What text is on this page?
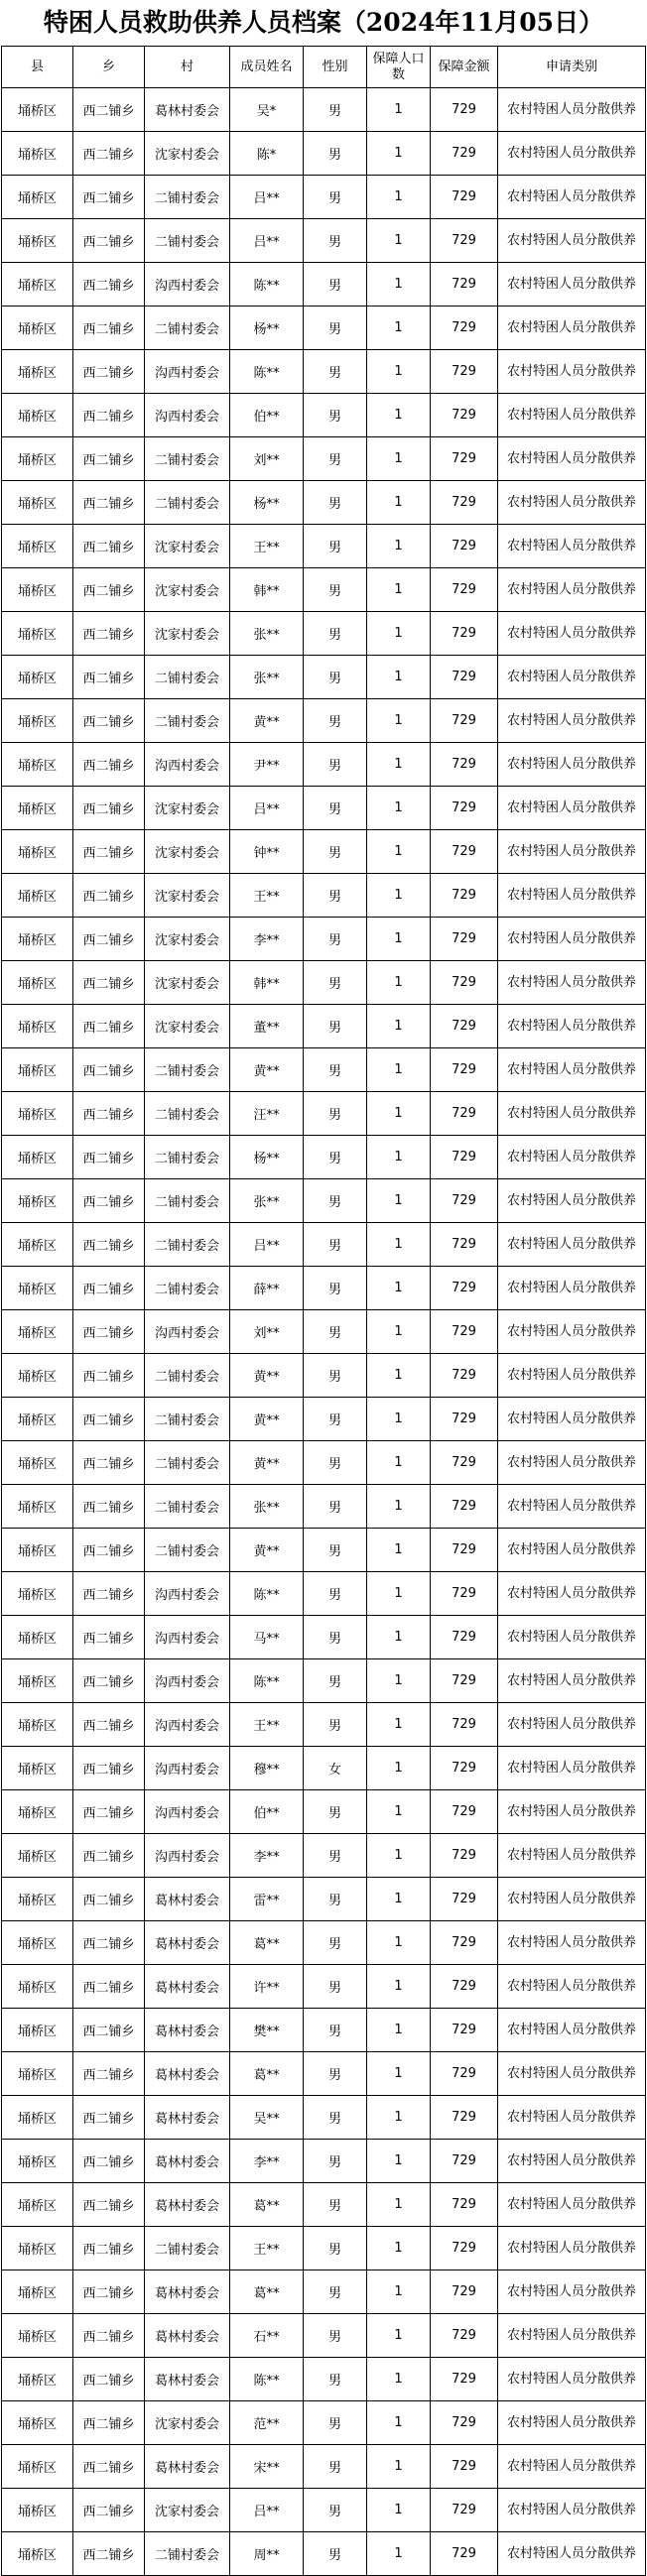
特困人员救助供养人员档案（2024年11月05日）
县	乡	村	成员姓名	性别	保障人口数	保障金额	申请类别
埇桥区	西二铺乡	葛林村委会	吴*	男	1	729	农村特困人员分散供养
埇桥区	西二铺乡	沈家村委会	陈*	男	1	729	农村特困人员分散供养
埇桥区	西二铺乡	二铺村委会	吕**	男	1	729	农村特困人员分散供养
埇桥区	西二铺乡	二铺村委会	吕**	男	1	729	农村特困人员分散供养
埇桥区	西二铺乡	沟西村委会	陈**	男	1	729	农村特困人员分散供养
埇桥区	西二铺乡	二铺村委会	杨**	男	1	729	农村特困人员分散供养
埇桥区	西二铺乡	沟西村委会	陈**	男	1	729	农村特困人员分散供养
埇桥区	西二铺乡	沟西村委会	伯**	男	1	729	农村特困人员分散供养
埇桥区	西二铺乡	二铺村委会	刘**	男	1	729	农村特困人员分散供养
埇桥区	西二铺乡	二铺村委会	杨**	男	1	729	农村特困人员分散供养
埇桥区	西二铺乡	沈家村委会	王**	男	1	729	农村特困人员分散供养
埇桥区	西二铺乡	沈家村委会	韩**	男	1	729	农村特困人员分散供养
埇桥区	西二铺乡	沈家村委会	张**	男	1	729	农村特困人员分散供养
埇桥区	西二铺乡	二铺村委会	张**	男	1	729	农村特困人员分散供养
埇桥区	西二铺乡	二铺村委会	黄**	男	1	729	农村特困人员分散供养
埇桥区	西二铺乡	沟西村委会	尹**	男	1	729	农村特困人员分散供养
埇桥区	西二铺乡	沈家村委会	吕**	男	1	729	农村特困人员分散供养
埇桥区	西二铺乡	沈家村委会	钟**	男	1	729	农村特困人员分散供养
埇桥区	西二铺乡	沈家村委会	王**	男	1	729	农村特困人员分散供养
埇桥区	西二铺乡	沈家村委会	李**	男	1	729	农村特困人员分散供养
埇桥区	西二铺乡	沈家村委会	韩**	男	1	729	农村特困人员分散供养
埇桥区	西二铺乡	沈家村委会	董**	男	1	729	农村特困人员分散供养
埇桥区	西二铺乡	二铺村委会	黄**	男	1	729	农村特困人员分散供养
埇桥区	西二铺乡	二铺村委会	汪**	男	1	729	农村特困人员分散供养
埇桥区	西二铺乡	二铺村委会	杨**	男	1	729	农村特困人员分散供养
埇桥区	西二铺乡	二铺村委会	张**	男	1	729	农村特困人员分散供养
埇桥区	西二铺乡	二铺村委会	吕**	男	1	729	农村特困人员分散供养
埇桥区	西二铺乡	二铺村委会	薛**	男	1	729	农村特困人员分散供养
埇桥区	西二铺乡	沟西村委会	刘**	男	1	729	农村特困人员分散供养
埇桥区	西二铺乡	二铺村委会	黄**	男	1	729	农村特困人员分散供养
埇桥区	西二铺乡	二铺村委会	黄**	男	1	729	农村特困人员分散供养
埇桥区	西二铺乡	二铺村委会	黄**	男	1	729	农村特困人员分散供养
埇桥区	西二铺乡	二铺村委会	张**	男	1	729	农村特困人员分散供养
埇桥区	西二铺乡	二铺村委会	黄**	男	1	729	农村特困人员分散供养
埇桥区	西二铺乡	沟西村委会	陈**	男	1	729	农村特困人员分散供养
埇桥区	西二铺乡	沟西村委会	马**	男	1	729	农村特困人员分散供养
埇桥区	西二铺乡	沟西村委会	陈**	男	1	729	农村特困人员分散供养
埇桥区	西二铺乡	沟西村委会	王**	男	1	729	农村特困人员分散供养
埇桥区	西二铺乡	沟西村委会	穆**	女	1	729	农村特困人员分散供养
埇桥区	西二铺乡	沟西村委会	伯**	男	1	729	农村特困人员分散供养
埇桥区	西二铺乡	沟西村委会	李**	男	1	729	农村特困人员分散供养
埇桥区	西二铺乡	葛林村委会	雷**	男	1	729	农村特困人员分散供养
埇桥区	西二铺乡	葛林村委会	葛**	男	1	729	农村特困人员分散供养
埇桥区	西二铺乡	葛林村委会	许**	男	1	729	农村特困人员分散供养
埇桥区	西二铺乡	葛林村委会	樊**	男	1	729	农村特困人员分散供养
埇桥区	西二铺乡	葛林村委会	葛**	男	1	729	农村特困人员分散供养
埇桥区	西二铺乡	葛林村委会	吴**	男	1	729	农村特困人员分散供养
埇桥区	西二铺乡	葛林村委会	李**	男	1	729	农村特困人员分散供养
埇桥区	西二铺乡	葛林村委会	葛**	男	1	729	农村特困人员分散供养
埇桥区	西二铺乡	二铺村委会	王**	男	1	729	农村特困人员分散供养
埇桥区	西二铺乡	葛林村委会	葛**	男	1	729	农村特困人员分散供养
埇桥区	西二铺乡	葛林村委会	石**	男	1	729	农村特困人员分散供养
埇桥区	西二铺乡	葛林村委会	陈**	男	1	729	农村特困人员分散供养
埇桥区	西二铺乡	沈家村委会	范**	男	1	729	农村特困人员分散供养
埇桥区	西二铺乡	葛林村委会	宋**	男	1	729	农村特困人员分散供养
埇桥区	西二铺乡	沈家村委会	吕**	男	1	729	农村特困人员分散供养
埇桥区	西二铺乡	二铺村委会	周**	男	1	729	农村特困人员分散供养
